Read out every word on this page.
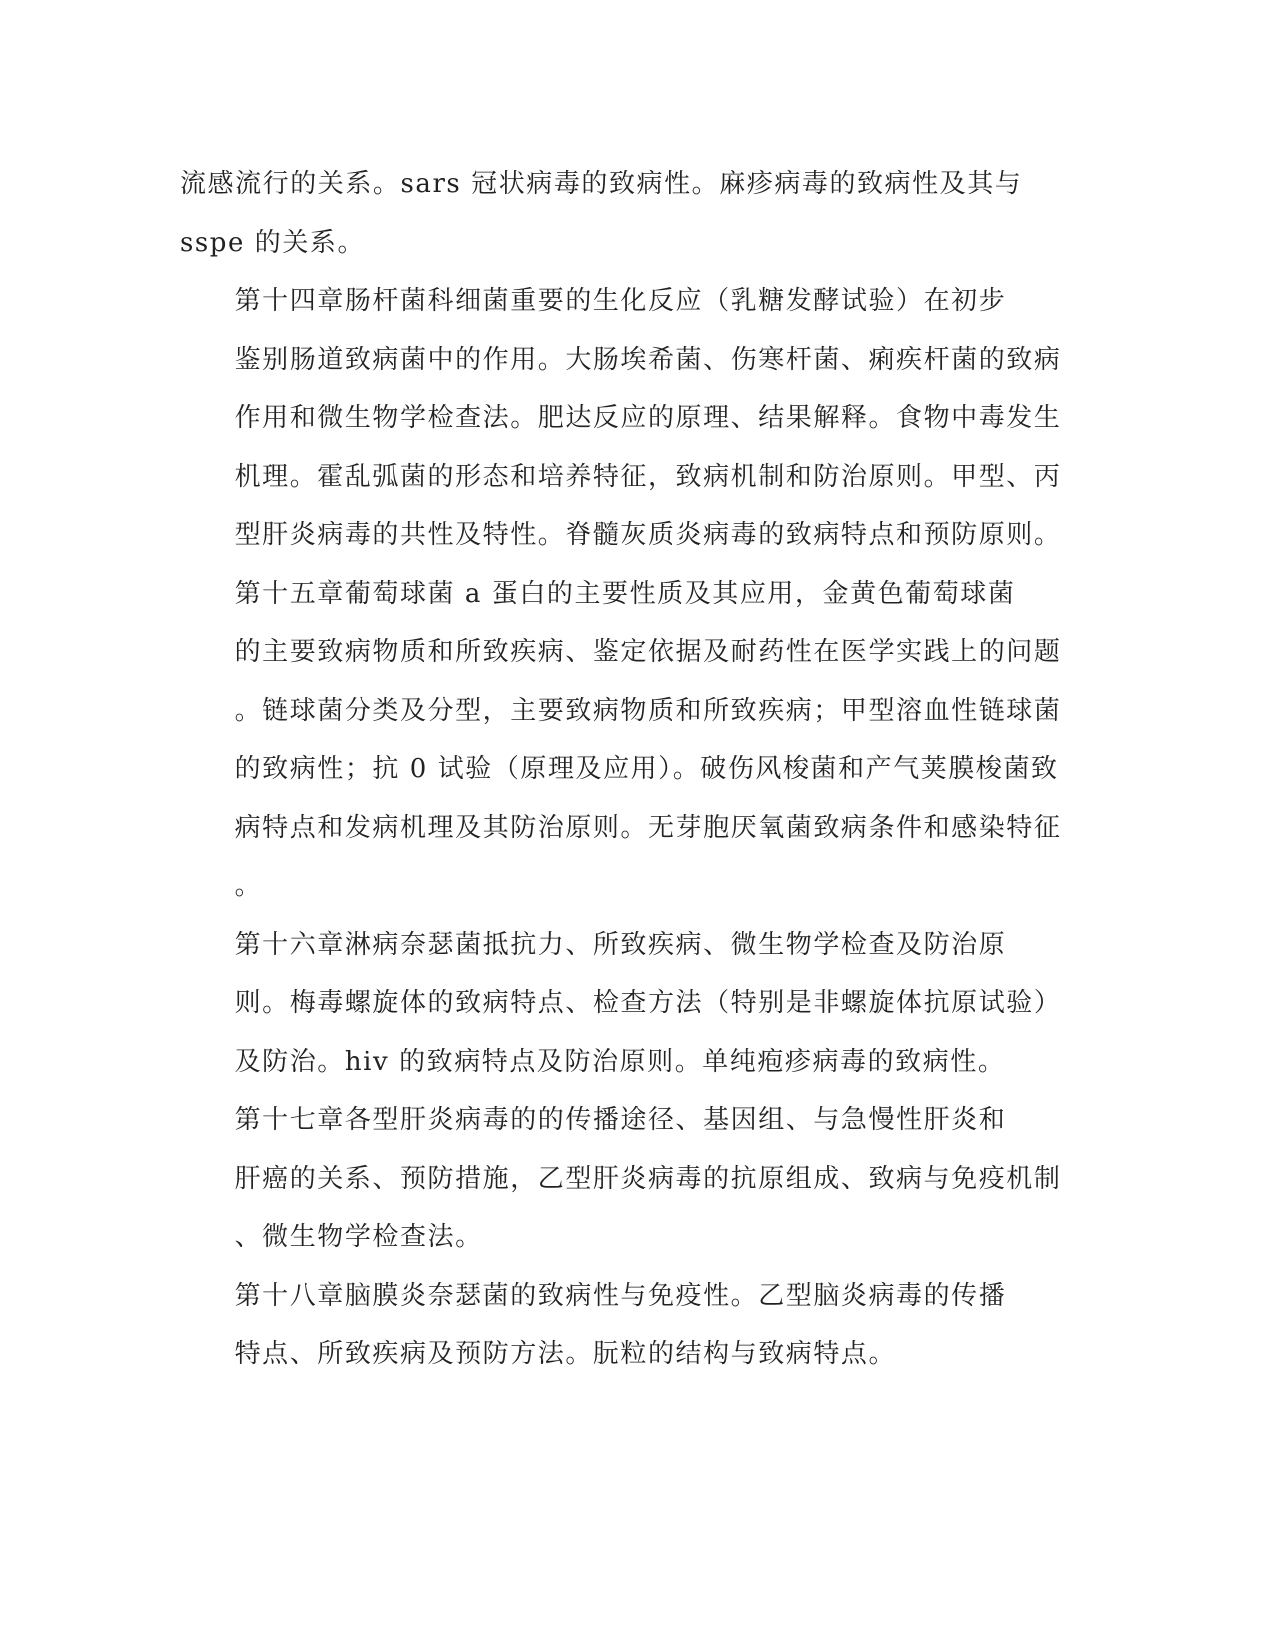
流感流行的关系。sars 冠状病毒的致病性。麻疹病毒的致病性及其与
sspe 的关系。

第十四章肠杆菌科细菌重要的生化反应（乳糖发酵试验）在初步
鉴别肠道致病菌中的作用。大肠埃希菌、伤寒杆菌、痢疾杆菌的致病
作用和微生物学检查法。肥达反应的原理、结果解释。食物中毒发生
机理。霍乱弧菌的形态和培养特征，致病机制和防治原则。甲型、丙
型肝炎病毒的共性及特性。脊髓灰质炎病毒的致病特点和预防原则。

第十五章葡萄球菌 a 蛋白的主要性质及其应用，金黄色葡萄球菌
的主要致病物质和所致疾病、鉴定依据及耐药性在医学实践上的问题
。链球菌分类及分型，主要致病物质和所致疾病；甲型溶血性链球菌
的致病性；抗 0 试验（原理及应用）。破伤风梭菌和产气荚膜梭菌致
病特点和发病机理及其防治原则。无芽胞厌氧菌致病条件和感染特征
。

第十六章淋病奈瑟菌抵抗力、所致疾病、微生物学检查及防治原
则。梅毒螺旋体的致病特点、检查方法（特别是非螺旋体抗原试验）
及防治。hiv 的致病特点及防治原则。单纯疱疹病毒的致病性。

第十七章各型肝炎病毒的的传播途径、基因组、与急慢性肝炎和
肝癌的关系、预防措施，乙型肝炎病毒的抗原组成、致病与免疫机制
、微生物学检查法。

第十八章脑膜炎奈瑟菌的致病性与免疫性。乙型脑炎病毒的传播
特点、所致疾病及预防方法。朊粒的结构与致病特点。
